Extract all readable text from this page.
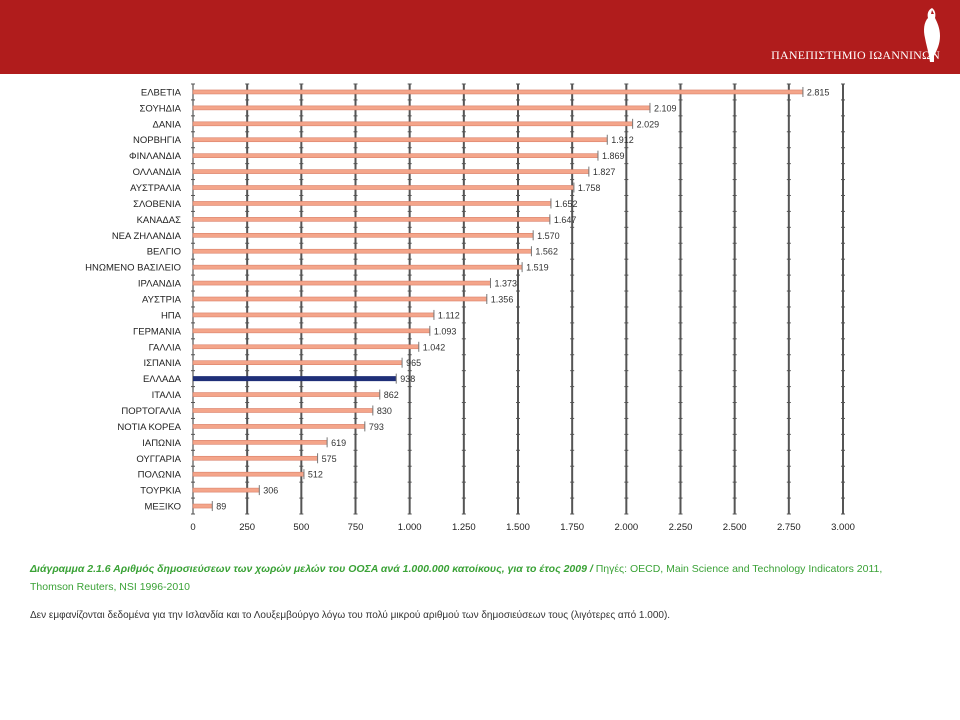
ΠΑΝΕΠΙΣΤΗΜΙΟ ΙΩΑΝΝΙΝΩΝ
0	250	500	750	1.000	1.250	1.500	1.750	2.000	2.250	2.500	2.750	3.000
ΕΛΒΕΤΙΑ	2.815
ΣΟΥΗΔΙΑ	2.109
ΔΑΝΙΑ	2.029
ΝΟΡΒΗΓΙΑ	1.912
ΦΙΝΛΑΝΔΙΑ	1.869
ΟΛΛΑΝΔΙΑ	1.827
ΑΥΣΤΡΑΛΙΑ	1.758
ΣΛΟΒΕΝΙΑ	1.652
ΚΑΝΑΔΑΣ	1.647
ΝΕΑ ΖΗΛΑΝΔΙΑ	1.570
ΒΕΛΓΙΟ	1.562
ΗΝΩΜΕΝΟ ΒΑΣΙΛΕΙΟ	1.519
ΙΡΛΑΝΔΙΑ	1.373
ΑΥΣΤΡΙΑ	1.356
ΗΠΑ	1.112
ΓΕΡΜΑΝΙΑ	1.093
ΓΑΛΛΙΑ	1.042
ΙΣΠΑΝΙΑ	965
ΕΛΛΑΔΑ	938
ΙΤΑΛΙΑ	862
ΠΟΡΤΟΓΑΛΙΑ	830
ΝΟΤΙΑ ΚΟΡΕΑ	793
ΙΑΠΩΝΙΑ	619
ΟΥΓΓΑΡΙΑ	575
ΠΟΛΩΝΙΑ	512
ΤΟΥΡΚΙΑ	306
ΜΕΞΙΚΟ	89
Διάγραμμα 2.1.6 Αριθμός δημοσιεύσεων των χωρών μελών του ΟΟΣΑ ανά 1.000.000 κατοίκους, για το έτος 2009 / Πηγές: OECD, Main Science and Technology Indicators 2011, Thomson Reuters, NSI 1996-2010
Δεν εμφανίζονται δεδομένα για την Ισλανδία και το Λουξεμβούργο λόγω του πολύ μικρού αριθμού των δημοσιεύσεων τους (λιγότερες από 1.000).
